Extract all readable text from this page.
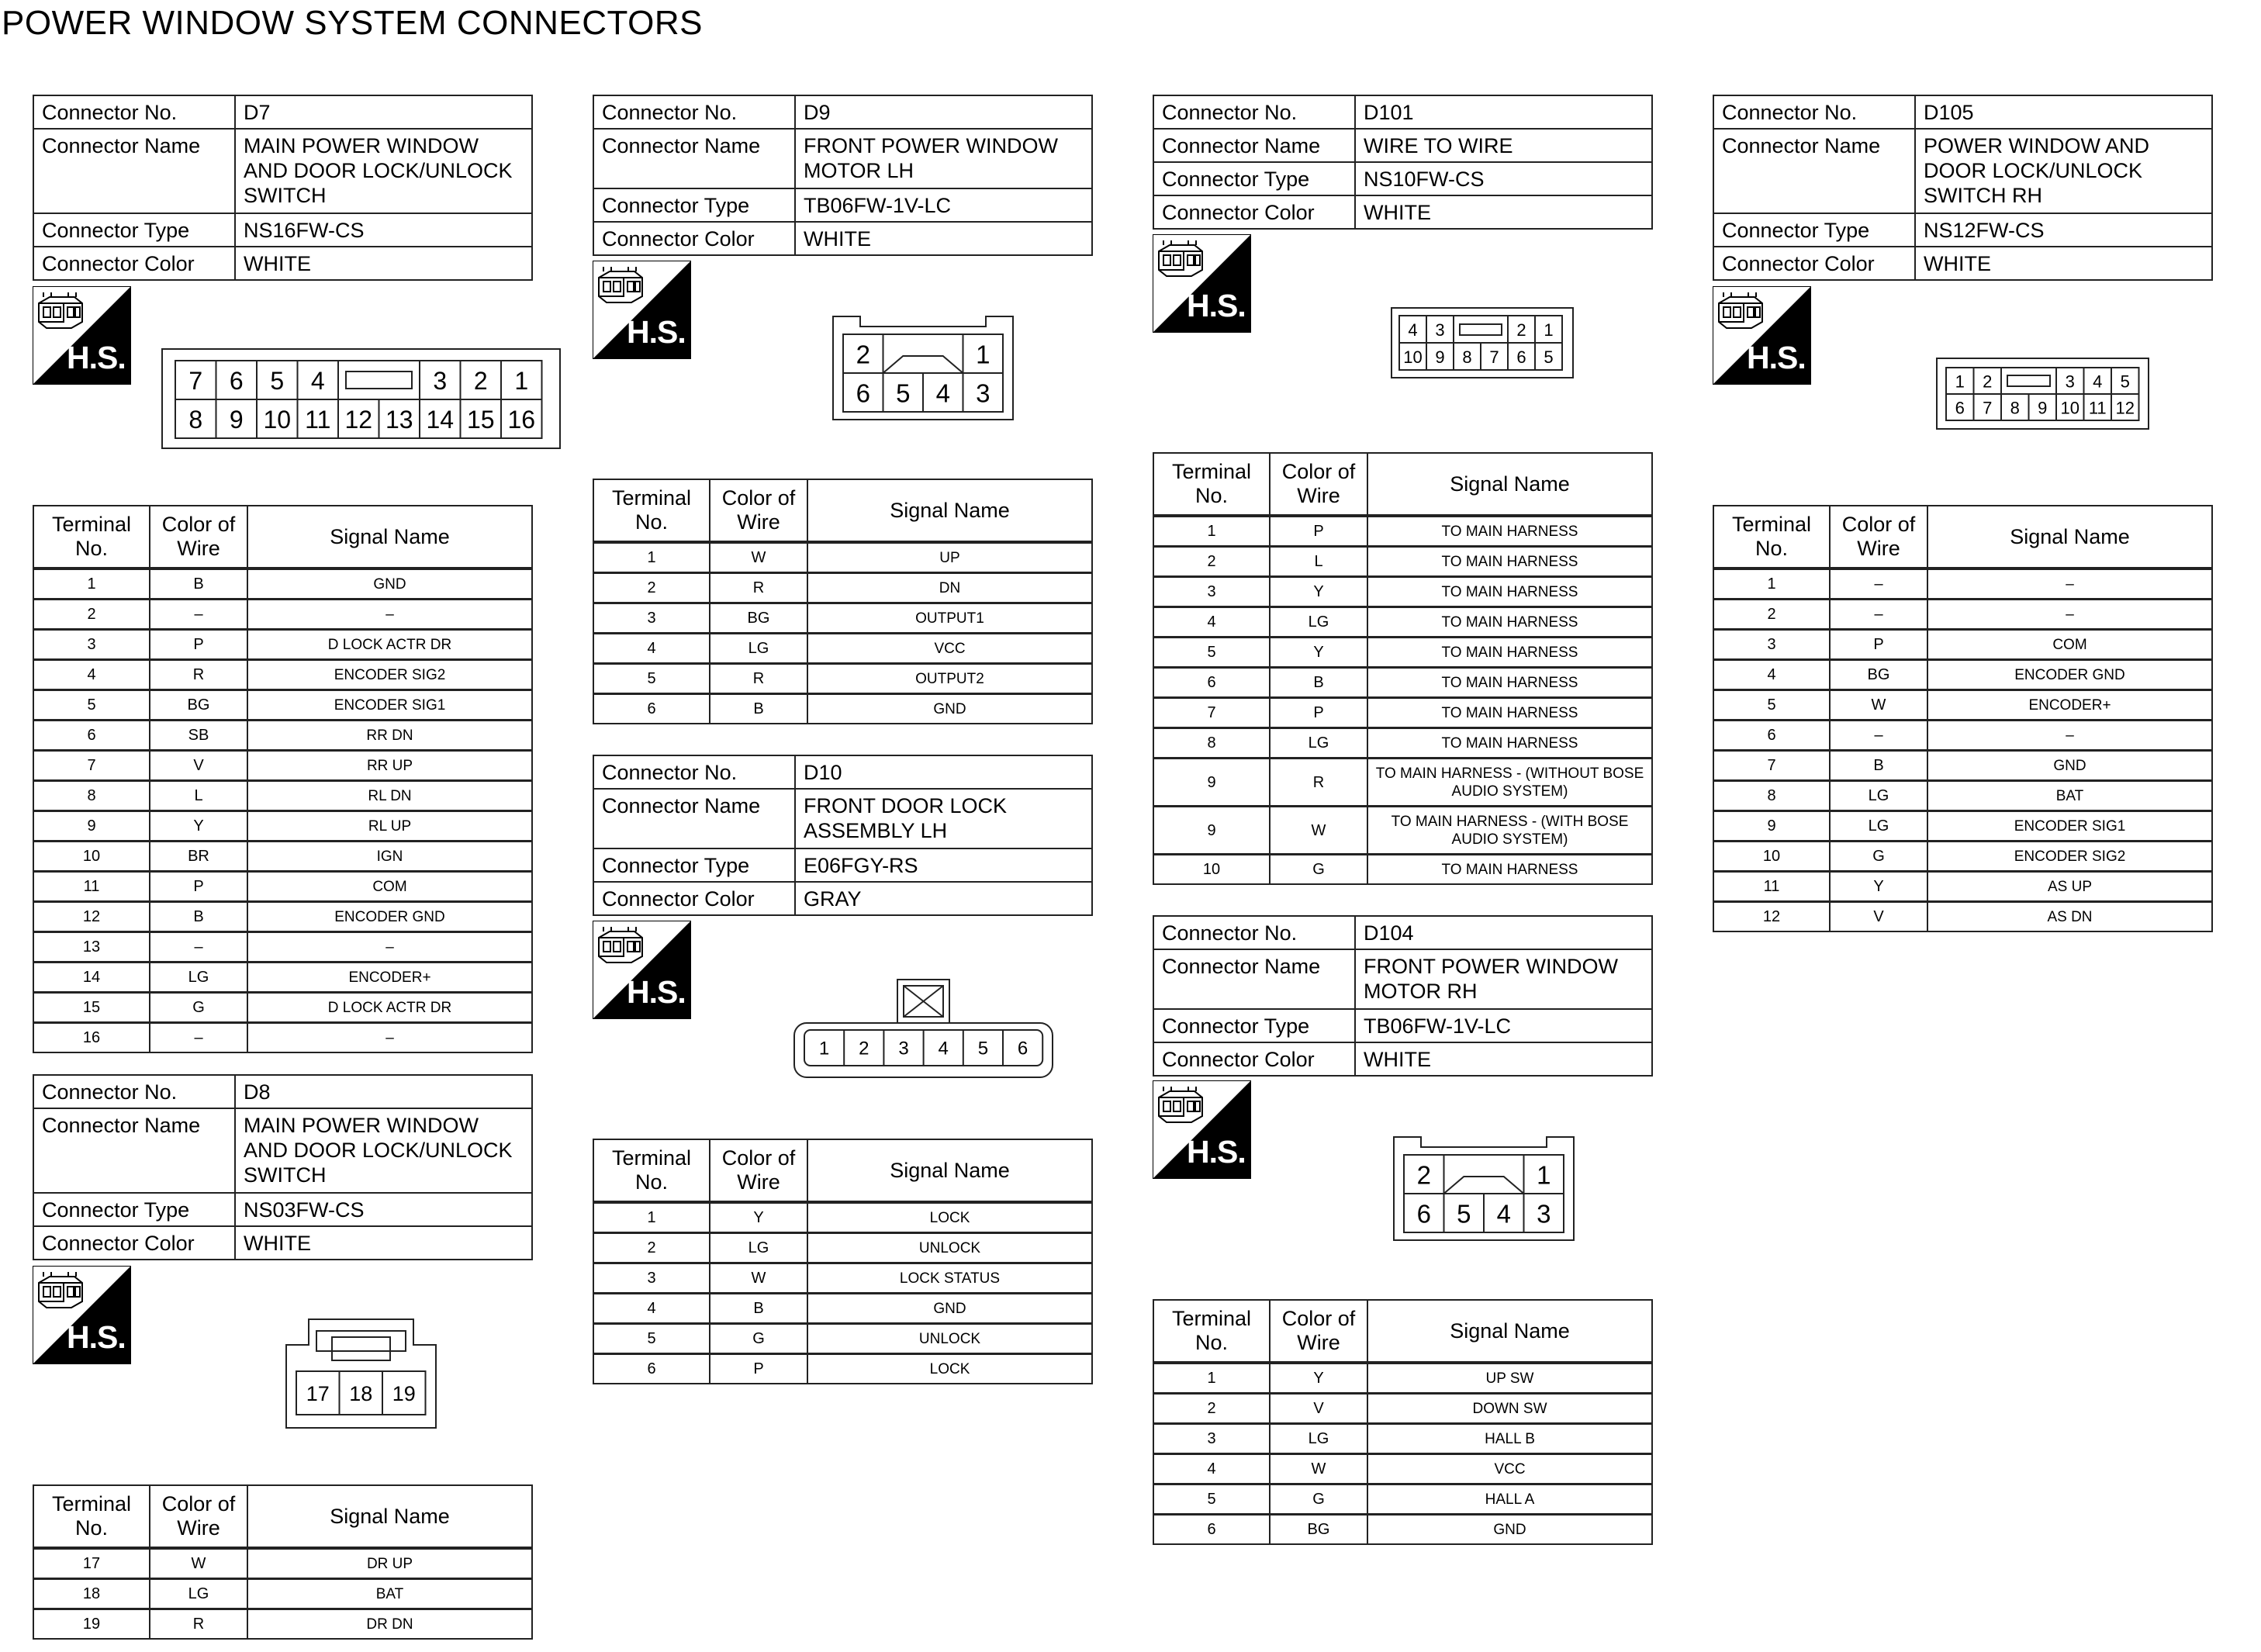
POWER WINDOW SYSTEM CONNECTORS
Connector No.	D7
Connector Name	MAIN POWER WINDOW AND DOOR LOCK/UNLOCK SWITCH
Connector Type	NS16FW-CS
Connector Color	WHITE
H.S.
7 6 5 4	3 2 1
8 9 10 11 12 13 14 15 16
Terminal No.	Color of Wire	Signal Name
1	B	GND
2	–	–
3	P	D LOCK ACTR DR
4	R	ENCODER SIG2
5	BG	ENCODER SIG1
6	SB	RR DN
7	V	RR UP
8	L	RL DN
9	Y	RL UP
10	BR	IGN
11	P	COM
12	B	ENCODER GND
13	–	–
14	LG	ENCODER+
15	G	D LOCK ACTR DR
16	–	–
Connector No.	D8
Connector Name	MAIN POWER WINDOW AND DOOR LOCK/UNLOCK SWITCH
Connector Type	NS03FW-CS
Connector Color	WHITE
H.S.
17 18 19
Terminal No.	Color of Wire	Signal Name
17	W	DR UP
18	LG	BAT
19	R	DR DN
Connector No.	D9
Connector Name	FRONT POWER WINDOW MOTOR LH
Connector Type	TB06FW-1V-LC
Connector Color	WHITE
H.S.
2	1
6 5 4 3
Terminal No.	Color of Wire	Signal Name
1	W	UP
2	R	DN
3	BG	OUTPUT1
4	LG	VCC
5	R	OUTPUT2
6	B	GND
Connector No.	D10
Connector Name	FRONT DOOR LOCK ASSEMBLY LH
Connector Type	E06FGY-RS
Connector Color	GRAY
H.S.
1 2 3 4 5 6
Terminal No.	Color of Wire	Signal Name
1	Y	LOCK
2	LG	UNLOCK
3	W	LOCK STATUS
4	B	GND
5	G	UNLOCK
6	P	LOCK
Connector No.	D101
Connector Name	WIRE TO WIRE
Connector Type	NS10FW-CS
Connector Color	WHITE
H.S.
4 3	2 1
10 9 8 7 6 5
Terminal No.	Color of Wire	Signal Name
1	P	TO MAIN HARNESS
2	L	TO MAIN HARNESS
3	Y	TO MAIN HARNESS
4	LG	TO MAIN HARNESS
5	Y	TO MAIN HARNESS
6	B	TO MAIN HARNESS
7	P	TO MAIN HARNESS
8	LG	TO MAIN HARNESS
9	R	TO MAIN HARNESS - (WITHOUT BOSE AUDIO SYSTEM)
9	W	TO MAIN HARNESS - (WITH BOSE AUDIO SYSTEM)
10	G	TO MAIN HARNESS
Connector No.	D104
Connector Name	FRONT POWER WINDOW MOTOR RH
Connector Type	TB06FW-1V-LC
Connector Color	WHITE
H.S.
2	1
6 5 4 3
Terminal No.	Color of Wire	Signal Name
1	Y	UP SW
2	V	DOWN SW
3	LG	HALL B
4	W	VCC
5	G	HALL A
6	BG	GND
Connector No.	D105
Connector Name	POWER WINDOW AND DOOR LOCK/UNLOCK SWITCH RH
Connector Type	NS12FW-CS
Connector Color	WHITE
H.S.
1 2	3 4 5
6 7 8 9 10 11 12
Terminal No.	Color of Wire	Signal Name
1	–	–
2	–	–
3	P	COM
4	BG	ENCODER GND
5	W	ENCODER+
6	–	–
7	B	GND
8	LG	BAT
9	LG	ENCODER SIG1
10	G	ENCODER SIG2
11	Y	AS UP
12	V	AS DN
